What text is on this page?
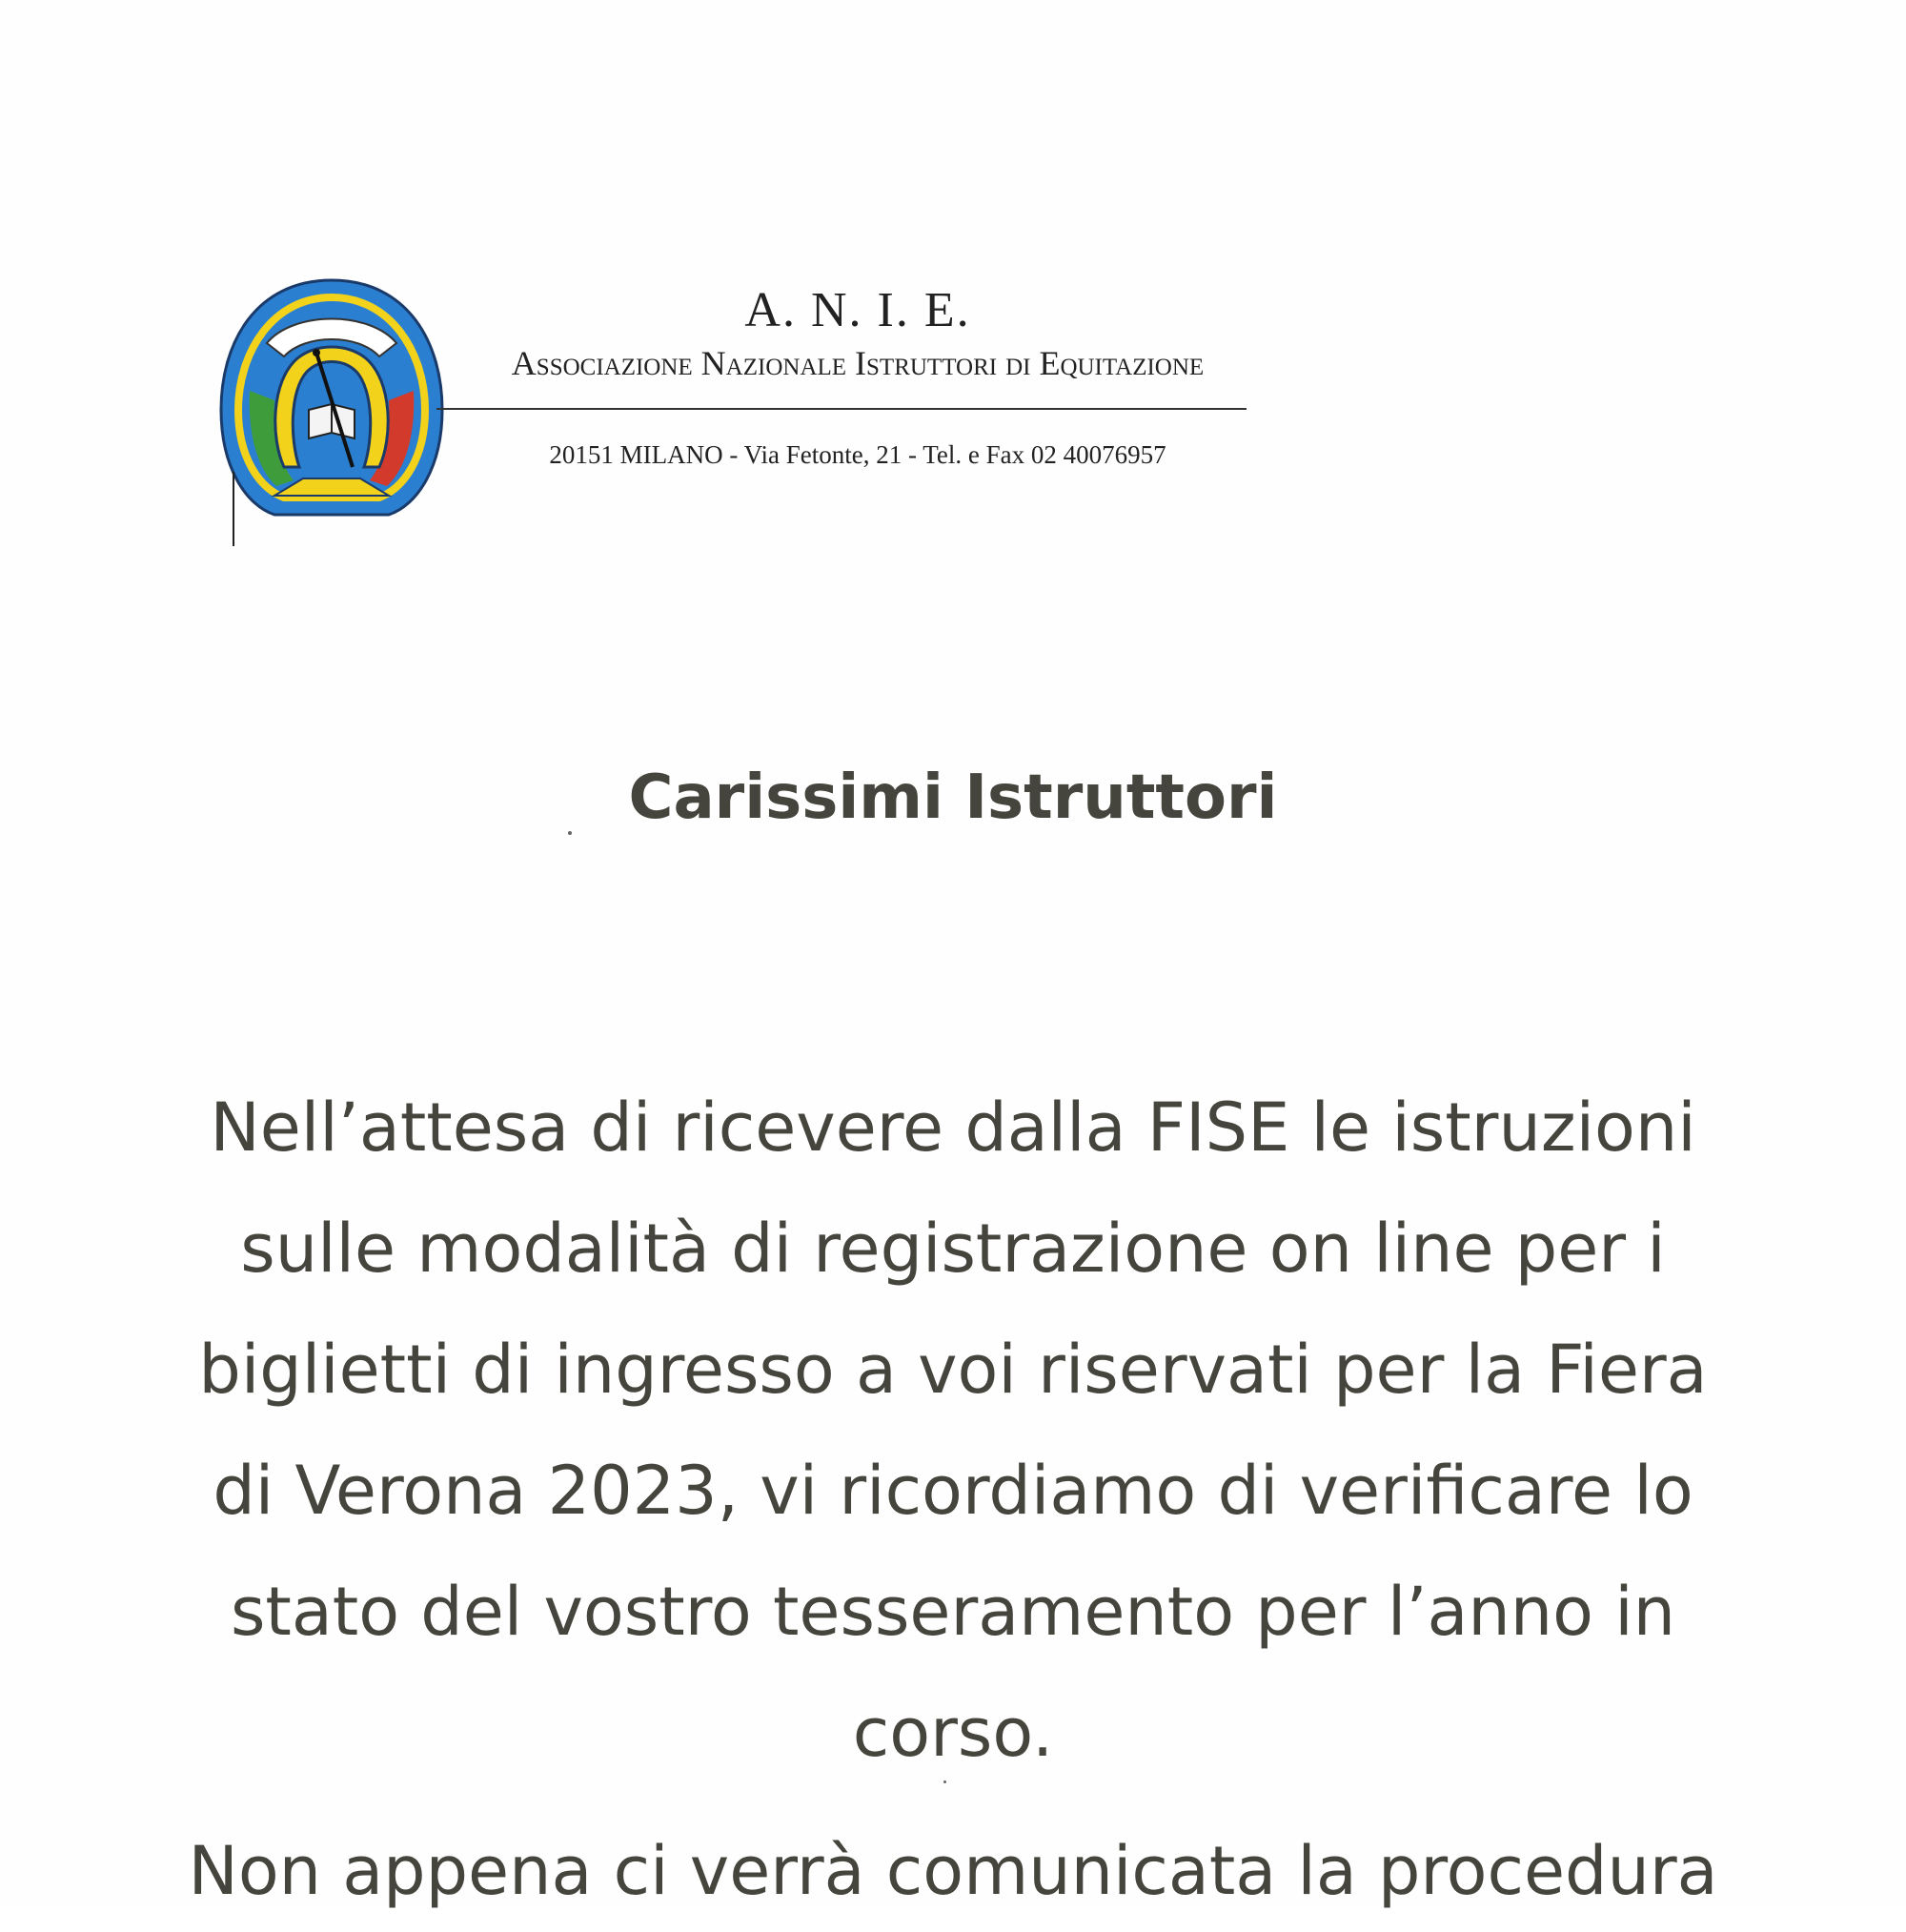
A. N. I. E.
Associazione Nazionale Istruttori di Equitazione
20151 MILANO - Via Fetonte, 21 - Tel. e Fax 02 40076957
Carissimi Istruttori
Nell’attesa di ricevere dalla FISE le istruzioni
sulle modalità di registrazione on line per i
biglietti di ingresso a voi riservati per la Fiera
di Verona 2023, vi ricordiamo di verificare lo
stato del vostro tesseramento per l’anno in
corso.
Non appena ci verrà comunicata la procedura
